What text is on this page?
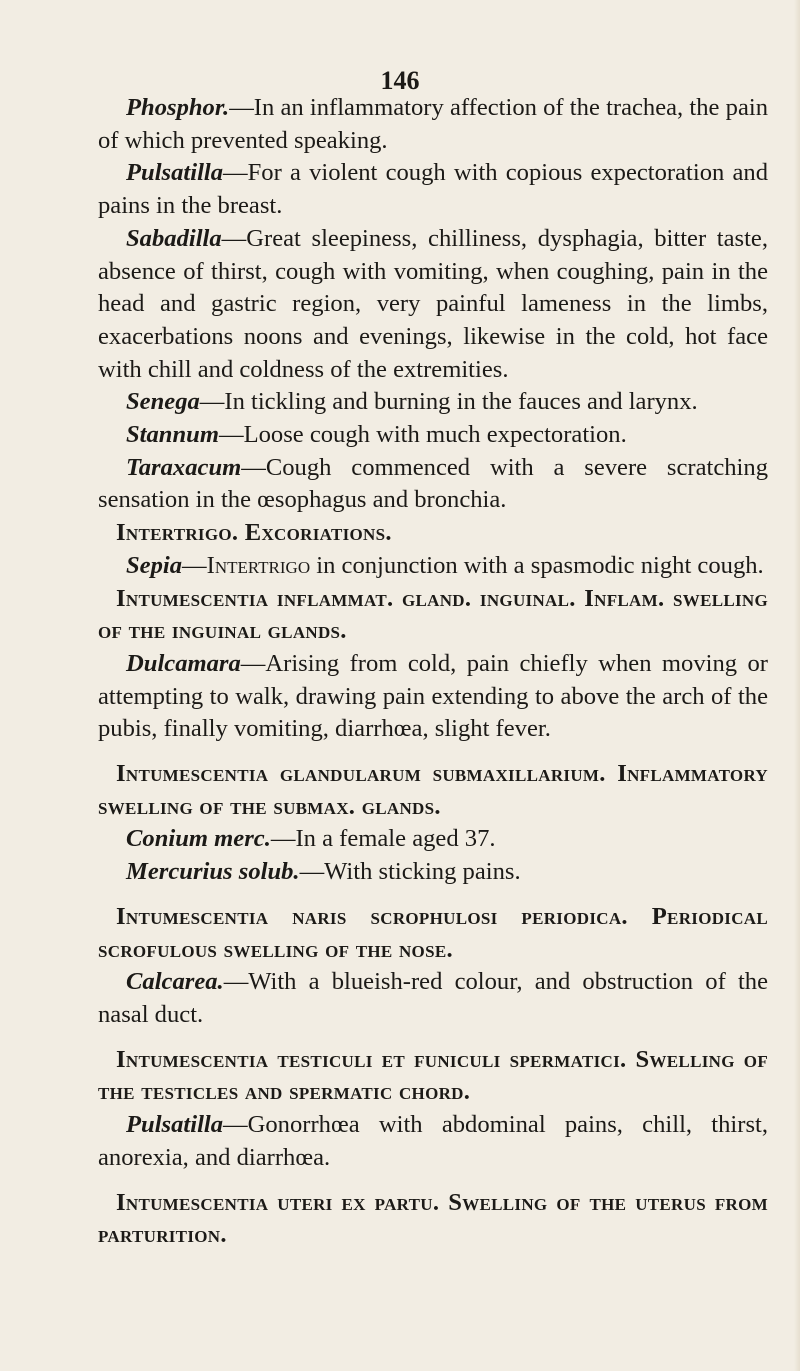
146

Phosphor.—In an inflammatory affection of the trachea, the pain of which prevented speaking.

Pulsatilla—For a violent cough with copious expectoration and pains in the breast.

Sabadilla—Great sleepiness, chilliness, dysphagia, bitter taste, absence of thirst, cough with vomiting, when coughing, pain in the head and gastric region, very painful lameness in the limbs, exacerbations noons and evenings, likewise in the cold, hot face with chill and coldness of the extremities.

Senega—In tickling and burning in the fauces and larynx.

Stannum—Loose cough with much expectoration.

Taraxacum—Cough commenced with a severe scratching sensation in the œsophagus and bronchia.

Intertrigo. Excoriations.

Sepia—Intertrigo in conjunction with a spasmodic night cough.

Intumescentia inflammat. gland. inguinal. Inflam. swelling of the inguinal glands.

Dulcamara—Arising from cold, pain chiefly when moving or attempting to walk, drawing pain extending to above the arch of the pubis, finally vomiting, diarrhœa, slight fever.

Intumescentia glandularum submaxillarium. Inflammatory swelling of the submax. glands.

Conium merc.—In a female aged 37.

Mercurius solub.—With sticking pains.

Intumescentia naris scrophulosi periodica. Periodical scrofulous swelling of the nose.

Calcarea.—With a blueish-red colour, and obstruction of the nasal duct.

Intumescentia testiculi et funiculi spermatici. Swelling of the testicles and spermatic chord.

Pulsatilla—Gonorrhœa with abdominal pains, chill, thirst, anorexia, and diarrhœa.

Intumescentia uteri ex partu. Swelling of the uterus from parturition.
